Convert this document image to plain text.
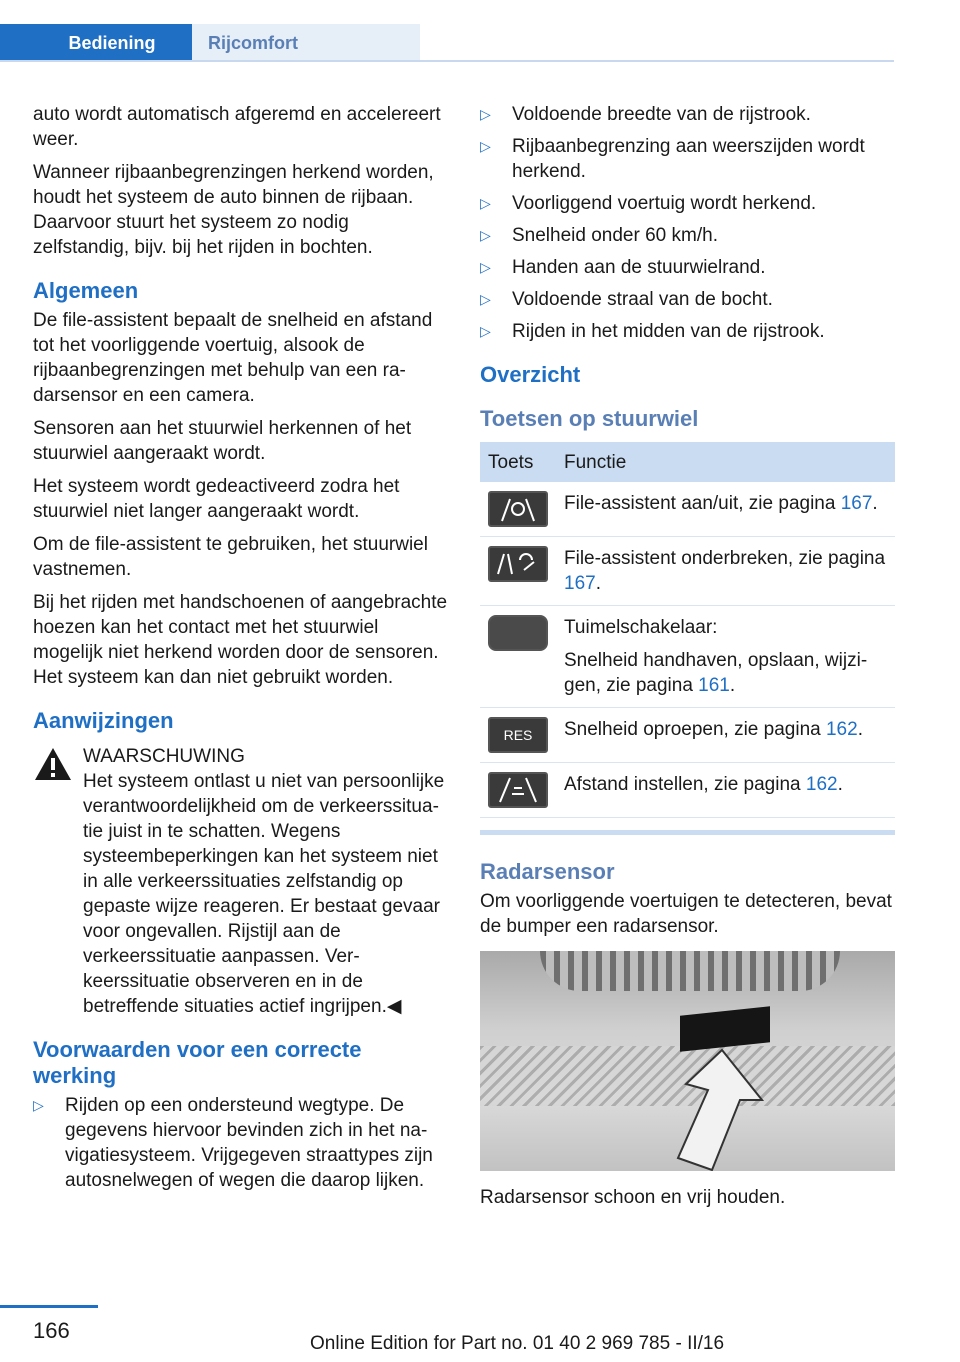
Bediening	Rijcomfort

auto wordt automatisch afgeremd en accelereert weer.

Wanneer rijbaanbegrenzingen herkend worden, houdt het systeem de auto binnen de rijbaan. Daarvoor stuurt het systeem zo nodig zelfstandig, bijv. bij het rijden in bochten.

Algemeen

De file-assistent bepaalt de snelheid en afstand tot het voorliggende voertuig, alsook de rijbaanbegrenzingen met behulp van een radarsensor en een camera.

Sensoren aan het stuurwiel herkennen of het stuurwiel aangeraakt wordt.

Het systeem wordt gedeactiveerd zodra het stuurwiel niet langer aangeraakt wordt.

Om de file-assistent te gebruiken, het stuurwiel vastnemen.

Bij het rijden met handschoenen of aangebrachte hoezen kan het contact met het stuurwiel mogelijk niet herkend worden door de sensoren. Het systeem kan dan niet gebruikt worden.

Aanwijzingen
WAARSCHUWING
Het systeem ontlast u niet van persoonlijke verantwoordelijkheid om de verkeerssituatie juist in te schatten. Wegens systeembeperkingen kan het systeem niet in alle verkeerssituaties zelfstandig op gepaste wijze reageren. Er bestaat gevaar voor ongevallen. Rijstijl aan de verkeerssituatie aanpassen. Verkeerssituatie observeren en in de betreffende situaties actief ingrijpen.◀
Voorwaarden voor een correcte werking
▷ Rijden op een ondersteund wegtype. De gegevens hiervoor bevinden zich in het navigatiesysteem. Vrijgegeven straattypes zijn autosnelwegen of wegen die daarop lijken.
▷ Voldoende breedte van de rijstrook.
▷ Rijbaanbegrenzing aan weerszijden wordt herkend.
▷ Voorliggend voertuig wordt herkend.
▷ Snelheid onder 60 km/h.
▷ Handen aan de stuurwielrand.
▷ Voldoende straal van de bocht.
▷ Rijden in het midden van de rijstrook.
Overzicht
Toetsen op stuurwiel
Toets	Functie

	File-assistent aan/uit, zie pagina 167.

	File-assistent onderbreken, zie pagina 167.

	Tuimelschakelaar:
Snelheid handhaven, opslaan, wijzigen, zie pagina 161.

RES	Snelheid oproepen, zie pagina 162.

	Afstand instellen, zie pagina 162.
Radarsensor

Om voorliggende voertuigen te detecteren, bevat de bumper een radarsensor.

Radarsensor schoon en vrij houden.

166
Online Edition for Part no. 01 40 2 969 785 - II/16
